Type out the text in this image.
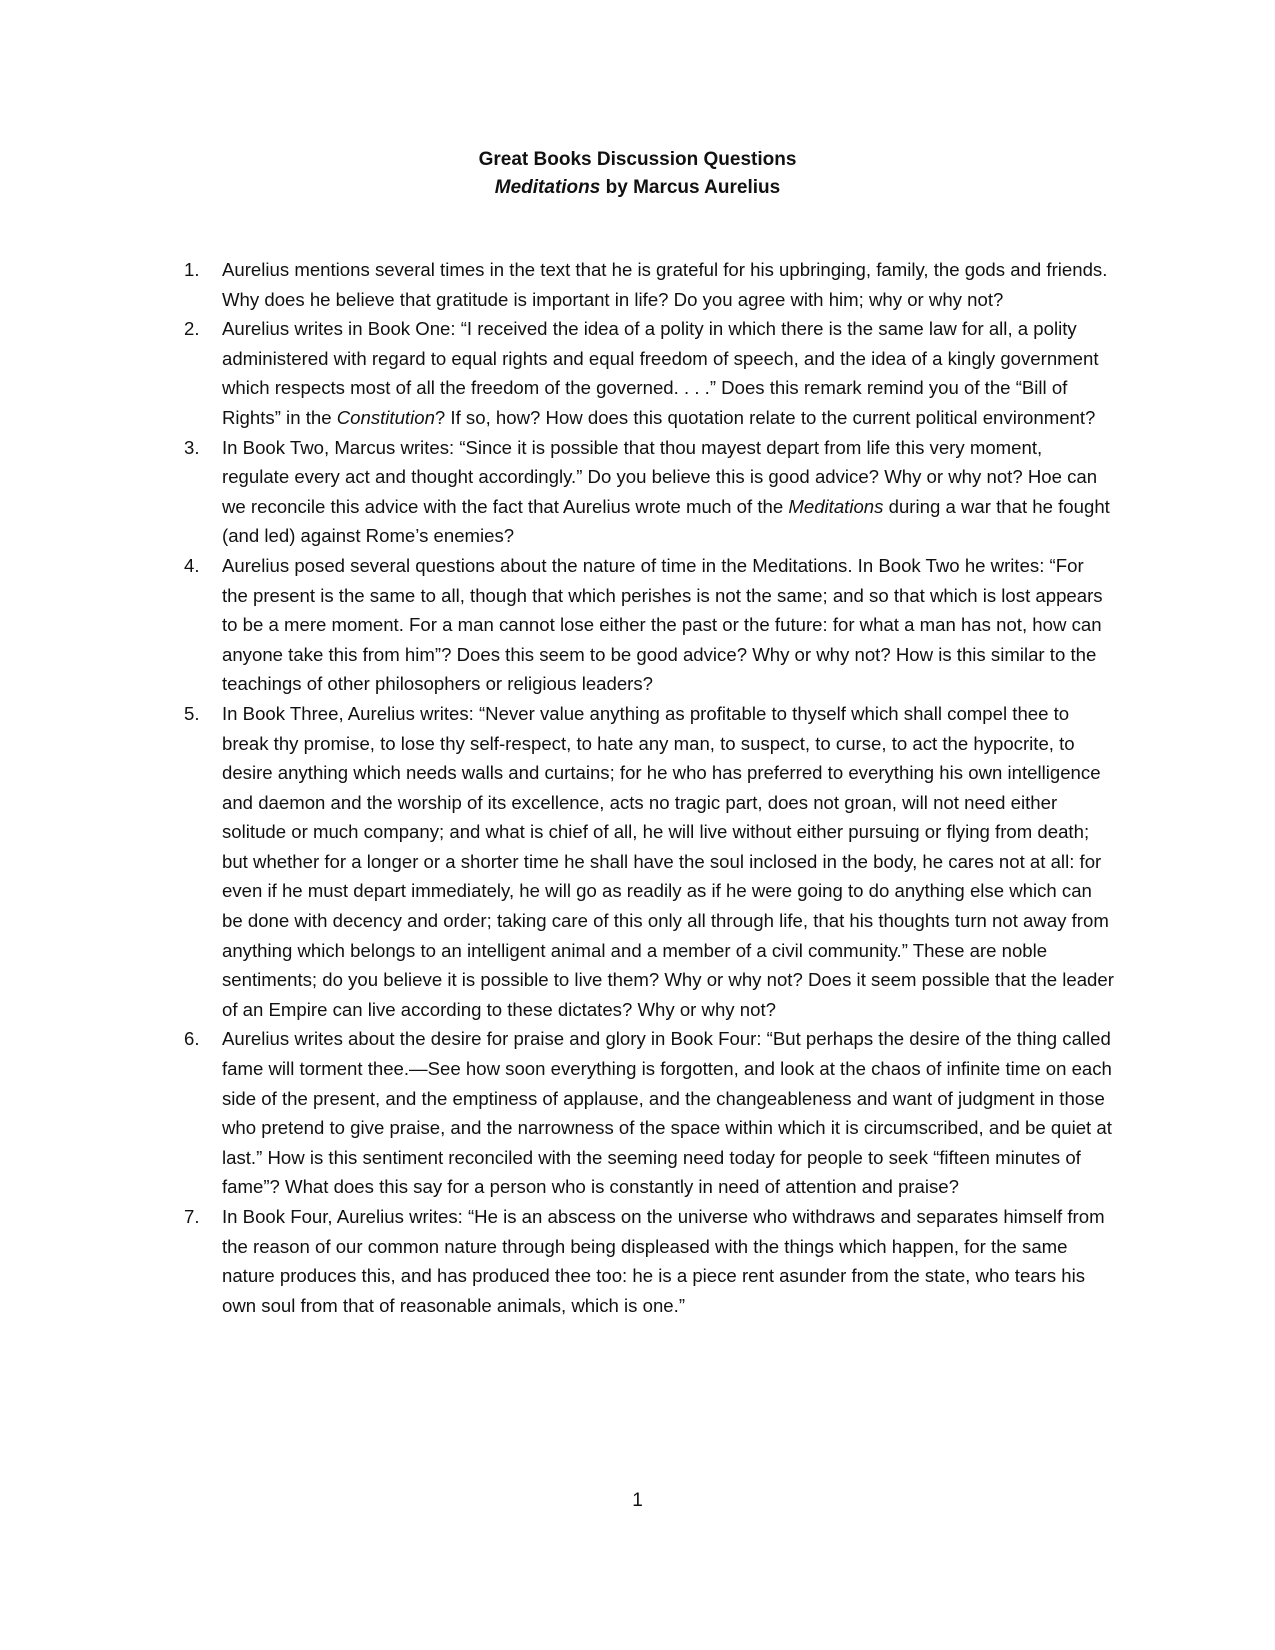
Great Books Discussion Questions
Meditations by Marcus Aurelius
1.	Aurelius mentions several times in the text that he is grateful for his upbringing, family, the gods and friends. Why does he believe that gratitude is important in life? Do you agree with him; why or why not?
2.	Aurelius writes in Book One: “I received the idea of a polity in which there is the same law for all, a polity administered with regard to equal rights and equal freedom of speech, and the idea of a kingly government which respects most of all the freedom of the governed. . . .” Does this remark remind you of the “Bill of Rights” in the Constitution? If so, how? How does this quotation relate to the current political environment?
3.	In Book Two, Marcus writes: “Since it is possible that thou mayest depart from life this very moment, regulate every act and thought accordingly.” Do you believe this is good advice? Why or why not? Hoe can we reconcile this advice with the fact that Aurelius wrote much of the Meditations during a war that he fought (and led) against Rome’s enemies?
4.	Aurelius posed several questions about the nature of time in the Meditations. In Book Two he writes: “For the present is the same to all, though that which perishes is not the same; and so that which is lost appears to be a mere moment. For a man cannot lose either the past or the future: for what a man has not, how can anyone take this from him”? Does this seem to be good advice? Why or why not? How is this similar to the teachings of other philosophers or religious leaders?
5.	In Book Three, Aurelius writes: “Never value anything as profitable to thyself which shall compel thee to break thy promise, to lose thy self-respect, to hate any man, to suspect, to curse, to act the hypocrite, to desire anything which needs walls and curtains; for he who has preferred to everything his own intelligence and daemon and the worship of its excellence, acts no tragic part, does not groan, will not need either solitude or much company; and what is chief of all, he will live without either pursuing or flying from death; but whether for a longer or a shorter time he shall have the soul inclosed in the body, he cares not at all: for even if he must depart immediately, he will go as readily as if he were going to do anything else which can be done with decency and order; taking care of this only all through life, that his thoughts turn not away from anything which belongs to an intelligent animal and a member of a civil community.” These are noble sentiments; do you believe it is possible to live them? Why or why not? Does it seem possible that the leader of an Empire can live according to these dictates? Why or why not?
6.	Aurelius writes about the desire for praise and glory in Book Four: “But perhaps the desire of the thing called fame will torment thee.—See how soon everything is forgotten, and look at the chaos of infinite time on each side of the present, and the emptiness of applause, and the changeableness and want of judgment in those who pretend to give praise, and the narrowness of the space within which it is circumscribed, and be quiet at last.” How is this sentiment reconciled with the seeming need today for people to seek “fifteen minutes of fame”? What does this say for a person who is constantly in need of attention and praise?
7.	In Book Four, Aurelius writes: “He is an abscess on the universe who withdraws and separates himself from the reason of our common nature through being displeased with the things which happen, for the same nature produces this, and has produced thee too: he is a piece rent asunder from the state, who tears his own soul from that of reasonable animals, which is one.”
1
